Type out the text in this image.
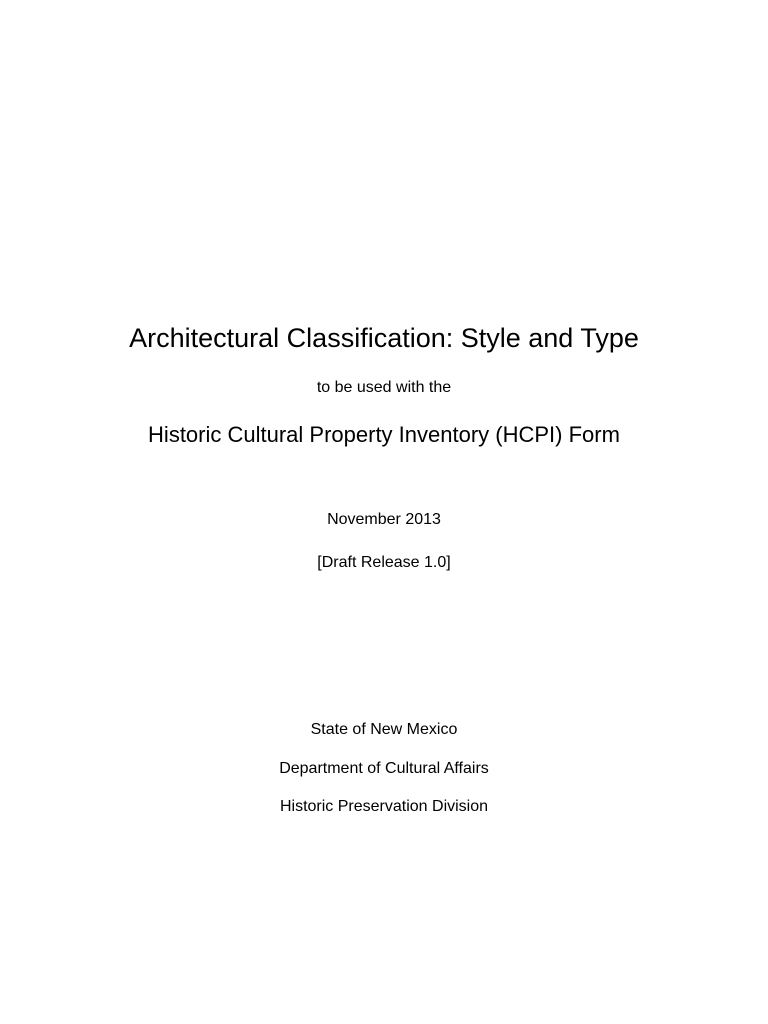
Architectural Classification: Style and Type
to be used with the
Historic Cultural Property Inventory (HCPI) Form
November 2013
[Draft Release 1.0]
State of New Mexico
Department of Cultural Affairs
Historic Preservation Division
